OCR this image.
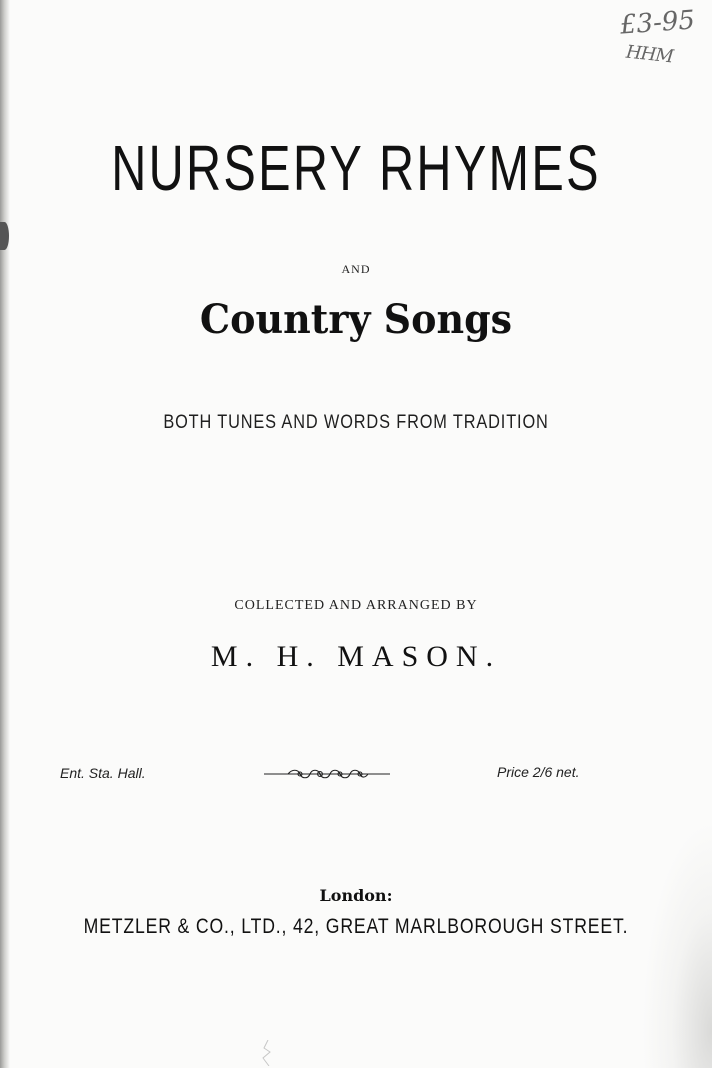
£3-95
HHM
NURSERY RHYMES
AND
Country Songs
BOTH TUNES AND WORDS FROM TRADITION
COLLECTED AND ARRANGED BY
M. H. MASON.
Ent. Sta. Hall.	Price 2/6 net.
London:
METZLER & CO., LTD., 42, GREAT MARLBOROUGH STREET.
